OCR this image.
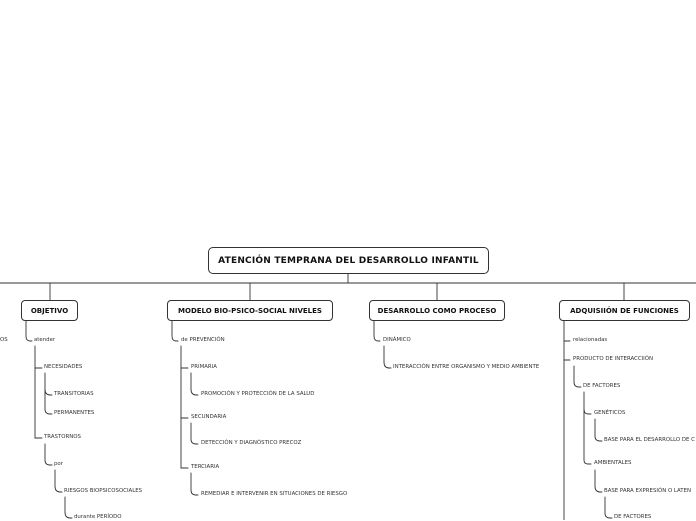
OS
ATENCIÓN TEMPRANA DEL DESARROLLO INFANTIL
OBJETIVO	MODELO BIO-PSICO-SOCIAL NIVELES	DESARROLLO COMO PROCESO	ADQUISIIÓN DE FUNCIONES
atender
NECESIDADES
TRANSITORIAS
PERMANENTES
TRASTORNOS
por
RIESGOS BIOPSICOSOCIALES
durante PERÍODO
de PREVENCIÓN
PRIMARIA
PROMOCIÓN Y PROTECCIÓN DE LA SALUD
SECUNDARIA
DETECCIÓN Y DIAGNÓSTICO PRECOZ
TERCIARIA
REMEDIAR E INTERVENIR EN SITUACIONES DE RIESGO
DINÁMICO
INTERACCIÓN ENTRE ORGANISMO Y MEDIO AMBIENTE
relacionadas
PRODUCTO DE INTERACCIIÓN
DE FACTORES
GENÉTICOS
BASE PARA EL DESARROLLO DE C
AMBIENTALES
BASE PARA EXPRESIÓN O LATEN
DE FACTORES
